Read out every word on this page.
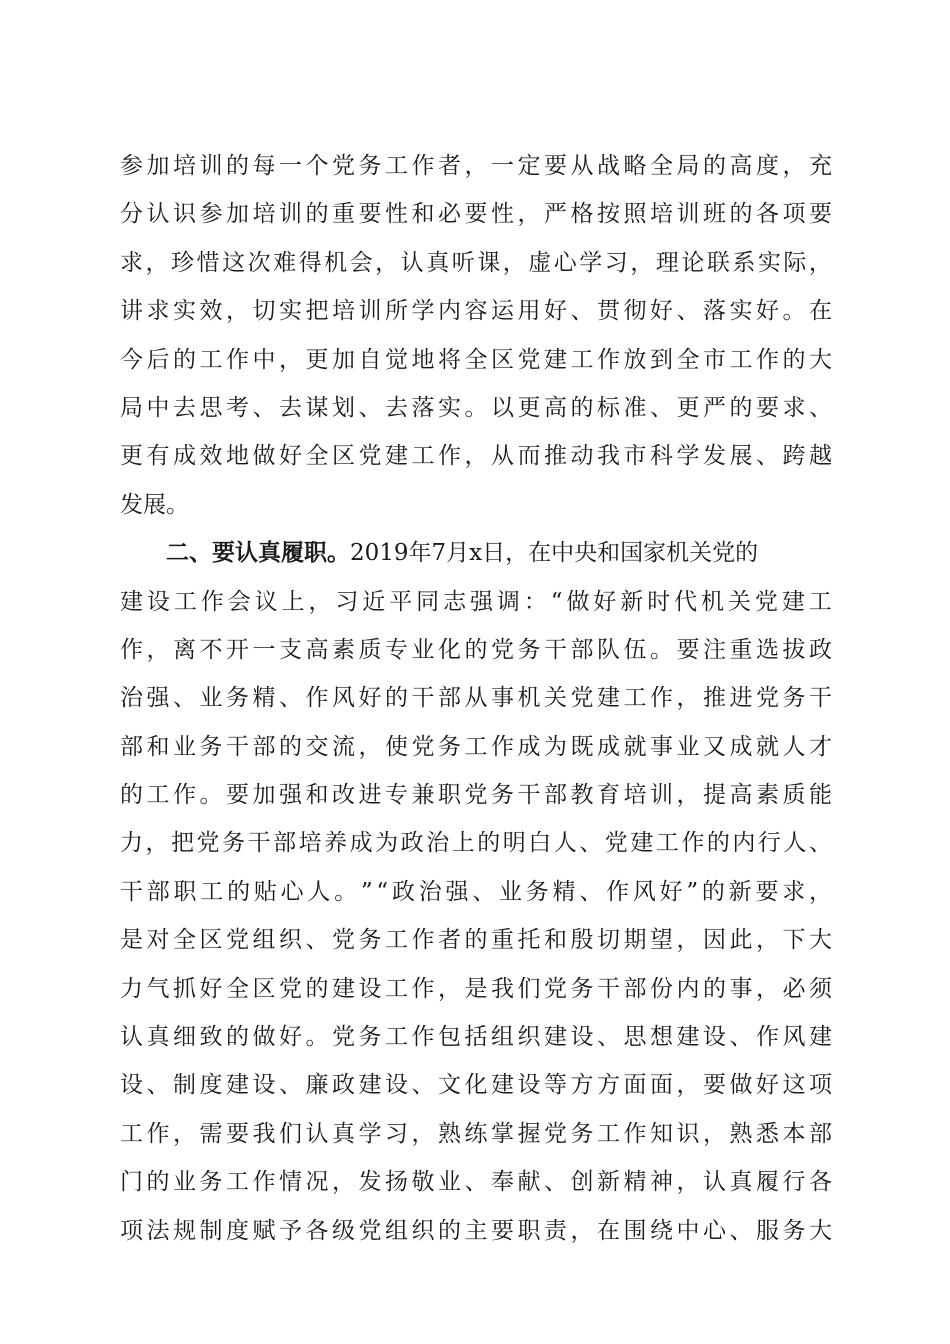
参 加 培 训 的 每 一 个 党 务 工 作 者 ， 一 定 要 从 战 略 全 局 的 高 度 ， 充
分 认 识 参 加 培 训 的 重 要 性 和 必 要 性 ， 严 格 按 照 培 训 班 的 各 项 要
求 ， 珍 惜 这 次 难 得 机 会 ， 认 真 听 课 ， 虚 心 学 习 ， 理 论 联 系 实 际 ，
讲 求 实 效 ， 切 实 把 培 训 所 学 内 容 运 用 好 、 贯 彻 好 、 落 实 好 。 在
今 后 的 工 作 中 ， 更 加 自 觉 地 将 全 区 党 建 工 作 放 到 全 市 工 作 的 大
局 中 去 思 考 、 去 谋 划 、 去 落 实 。 以 更 高 的 标 准 、 更 严 的 要 求 、
更 有 成 效 地 做 好 全 区 党 建 工 作 ， 从 而 推 动 我 市 科 学 发 展 、 跨 越
发展。
二、要认真履职。 2019年7月x日，在中央和国家机关党的
建 设 工 作 会 议 上 ， 习 近 平 同 志 强 调 ： “ 做 好 新 时 代 机 关 党 建 工
作 ， 离 不 开 一 支 高 素 质 专 业 化 的 党 务 干 部 队 伍 。 要 注 重 选 拔 政
治 强 、 业 务 精 、 作 风 好 的 干 部 从 事 机 关 党 建 工 作 ， 推 进 党 务 干
部 和 业 务 干 部 的 交 流 ， 使 党 务 工 作 成 为 既 成 就 事 业 又 成 就 人 才
的 工 作 。 要 加 强 和 改 进 专 兼 职 党 务 干 部 教 育 培 训 ， 提 高 素 质 能
力 ， 把 党 务 干 部 培 养 成 为 政 治 上 的 明 白 人 、 党 建 工 作 的 内 行 人 、
干 部 职 工 的 贴 心 人 。 ” “ 政 治 强 、 业 务 精 、 作 风 好 ” 的 新 要 求 ，
是 对 全 区 党 组 织 、 党 务 工 作 者 的 重 托 和 殷 切 期 望 ， 因 此 ， 下 大
力 气 抓 好 全 区 党 的 建 设 工 作 ， 是 我 们 党 务 干 部 份 内 的 事 ， 必 须
认 真 细 致 的 做 好 。 党 务 工 作 包 括 组 织 建 设 、 思 想 建 设 、 作 风 建
设 、 制 度 建 设 、 廉 政 建 设 、 文 化 建 设 等 方 方 面 面 ， 要 做 好 这 项
工 作 ， 需 要 我 们 认 真 学 习 ， 熟 练 掌 握 党 务 工 作 知 识 ， 熟 悉 本 部
门 的 业 务 工 作 情 况 ， 发 扬 敬 业 、 奉 献 、 创 新 精 神 ， 认 真 履 行 各
项 法 规 制 度 赋 予 各 级 党 组 织 的 主 要 职 责 ， 在 围 绕 中 心 、 服 务 大
